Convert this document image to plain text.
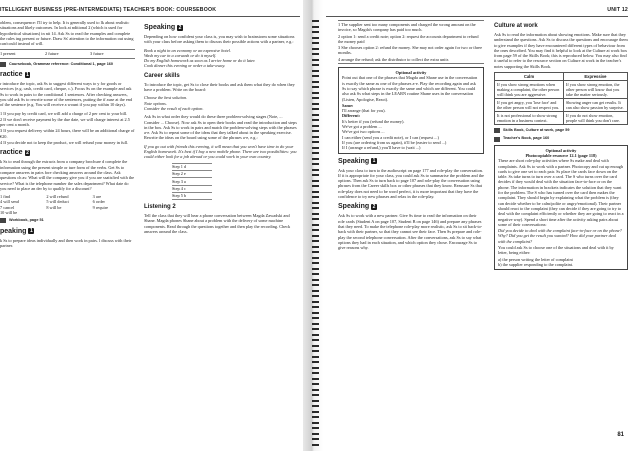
ITELLIGENT BUSINESS (PRE-INTERMEDIATE) TEACHER'S BOOK: COURSEBOOK	UNIT 12

oblem, consequence: I'll try to help. It is generally used to lk about realistic situations and likely outcomes. In look at nditional 2 (which is used for hypothetical situations) in nit 14. Ask Ss to read the examples and complete the rules ing present or future. Draw Ss' attention to the information out using can/could instead of will.

1 present	2 future	3 future
Coursebook, Grammar reference: Conditional 1, page 160
ractice 1

r introduce the topic, ask Ss to suggest different ways to y for goods or services (e.g. cash, credit card, cheque, c.). Focus Ss on the example and ask Ss to work in pairs to the conditional 1 sentences. After checking answers, you uld ask Ss to rewrite some of the sentences, putting the if ause at the end of the sentence (e.g. You will receive a wount if you pay within 10 days).

1 If you pay by credit card, we will add a charge of 2 per cent to your bill.

2 If we don't receive payment by the due date, we will charge interest at 2.5 per cent a month.

3 If you request delivery within 24 hours, there will be an additional charge of €20.

4 If you decide not to keep the product, we will refund your money in full.

ractice 2

k Ss to read through the extracts from a company brochure d complete the information using the present simple or ture form of the verbs. Get Ss to compare answers in pairs fore checking answers around the class. Ask questions ch as: What will the company give you if you are ssatisfied with the service? What is the telephone number the sales department? What date do you need to place an der by to qualify for a discount?

1 find	2 will refund	3 are
4 will send	5 will deduct	6 order
7 cancel	8 will be	9 require
10 will be
Workbook, page 51
peaking 1

k Ss to prepare ideas individually and then work in pairs. l discuss with their partner.

Speaking 2

Depending on how confident your class is, you may wish to brainstorm some situations with your class before asking them to discuss their possible actions with a partner, e.g.:

Book a night in an economy or an expensive hotel.
Wash my car in a carwash or do it myself.
Do my English homework as soon as I arrive home or do it later.
Cook dinner this evening or order a take-away.
Career skills

To introduce the topic, get Ss to close their books and ask them what they do when they have a problem. Write on the board:

Choose the best solution.
Note options.
Consider the result of each option.

Ask Ss in what order they would do these three problem-solving stages (Note, ... Consider ... Choose). Now ask Ss to open their books and read the introduction and steps in the box. Ask Ss to work in pairs and match the problem-solving steps with the phrases a-e. Ask Ss to repeat some of the ideas that they talked about in the speaking exercise. Rewrite the ideas on the board using some of the phrases a-e, e.g.:

If you go out with friends this evening, it will mean that you won't have time to do your English homework. It's best if I buy a new mobile phone. There are two possibilities: you could either look for a job abroad or you could work in your own country.

Step 1 d
Step 2 e
Step 3 a
Step 4 c
Step 5 b
Listening 2

Tell the class that they will hear a phone conversation between Magda Zawadski and Shane. Magda phones Shane about a problem with the delivery of some machine components. Read through the questions together and then play the recording. Check answers around the class.

1 The supplier sent too many components and charged the wrong amount on the invoice, so Magda's company has paid too much.

2 option 1: send a credit note; option 2: request the accounts department to refund the money paid

3 She chooses option 2: refund the money. She may not order again for two or three months.

4 arrange the refund; ask the distributor to collect the extra units

Optional activity

Point out that one of the phrases that Magda and Shane use in the conversation is exactly the same as one of the phrases a-e. Play the recording again and ask Ss to say which phrase is exactly the same and which are different. You could also ask Ss what steps in the LEARN routine Shane uses in the conversation (Listen, Apologise, React).

Same:
I'll arrange (that for you).
Different:
It's better if you (refund the money).
We've got a problem ...
We've got two options ...
I can either (send you a credit note), or I can (request ...)
If you (are ordering from us again), it'll be (easier to send ...)
If I (arrange a refund,) you'll have to (wait ...)
Speaking 1

Ask your class to turn to the audioscript on page 177 and role-play the conversation. If it is appropriate for your class, you could ask Ss to summarise the problem and the options. Then ask Ss to turn back to page 107 and role-play the conversation using phrases from the Career skills box or other phrases that they know. Reassure Ss that role-play does not need to be word perfect, it is more important that they have the confidence to try new phrases and relax in the role-play.

Speaking 2

Ask Ss to work with a new partner. Give Ss time to read the information on their role cards (Student A on page 107, Student B on page 146) and prepare any phrases that they need. To make the telephone role-play more realistic, ask Ss to sit back-to-back with their partner, so that they cannot see their face. Then Ss prepare and role-play the second telephone conversation. After the conversations, ask Ss to say what options they had in each situation, and which option they chose. Encourage Ss to give reasons why.

Culture at work

Ask Ss to read the information about showing emotions. Make sure that they understand the questions. Ask Ss to discuss the questions and encourage them to give examples if they have encountered different types of behaviour from the ones described. You may find it helpful to look at the Culture at work box from page 59 of the Skills Book; this is reproduced below. You may also find it useful to refer to the resource section on Culture at work in the teacher's notes supporting the Skills Book.

Calm	Expressive
If you show strong emotions when making a complaint, the other person will think you are aggressive.	If you show strong emotion, the other person will know that you take the matter seriously.
If you get angry, you 'lose face' and the other person will not respect you.	Showing anger can get results. It can also show passion by surprise.
It is not professional to show strong emotion in a business context.	If you do not show emotion, people will think you don't care.
Skills Book, Culture at work, page 59
Teacher's Book, page 160
Optional activity
Photocopiable resource 12.1 (page 118)

These are short role-play activities where Ss make and deal with complaints. Ask Ss to work with a partner. Photocopy and cut up enough cards to give one set to each pair. Ss place the cards face down on the table. Ss take turns to turn over a card. The S who turns over the card decides if they would deal with the situation face-to-face or on the phone. The information in brackets indicates the solution that they want for the problem. The S who has turned over the card then makes the complaint. They should begin by explaining what the problem is (they can decide whether to be calm/polite or angry/emotional). Their partner should react to the complaint (they can decide if they are going to try to deal with the complaint efficiently or whether they are going to react in a negative way). Spend a short time after the activity asking pairs about some of their conversations:

Did you decide to deal with the complaint face-to-face or on the phone? Why? Did you get the result you wanted? How did your partner deal with the complaint?

You could ask Ss to choose one of the situations and deal with it by letter, being either:

a) the person writing the letter of complaint
b) the supplier responding to the complaint.
81
